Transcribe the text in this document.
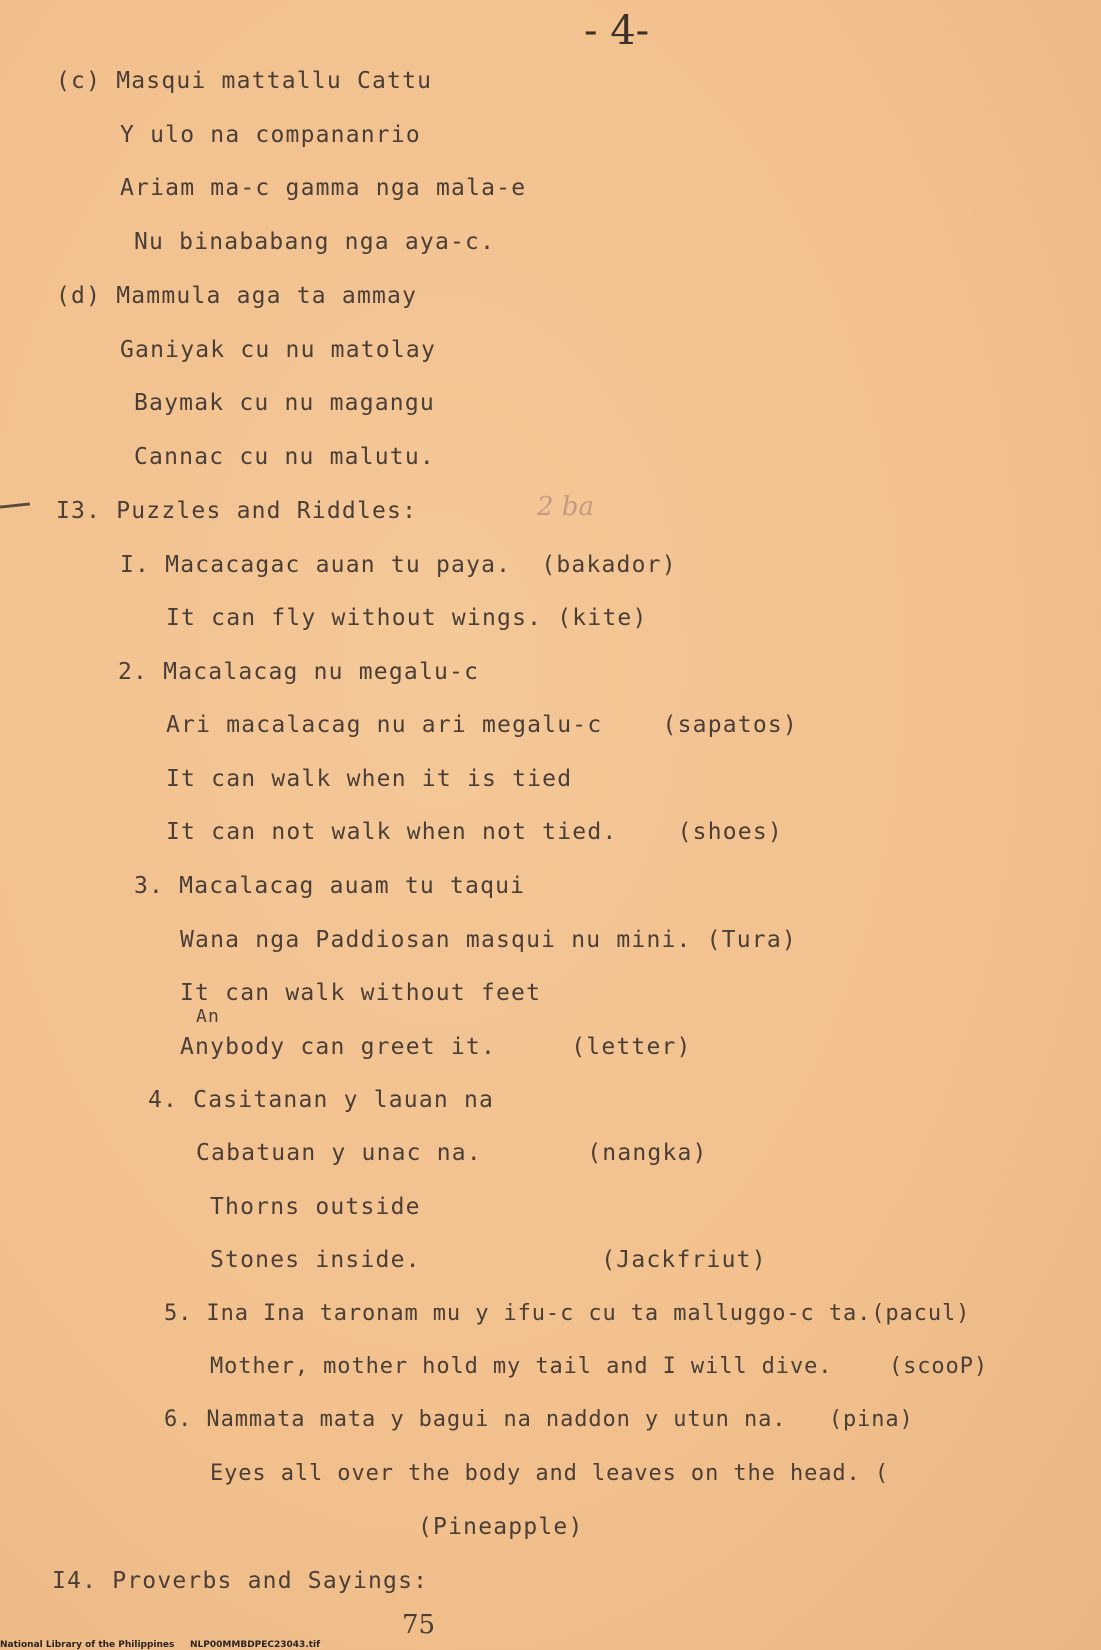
- 4-
2 ba
(c) Masqui mattallu Cattu
Y ulo na compananrio
Ariam ma-c gamma nga mala-e
Nu binababang nga aya-c.
(d) Mammula aga ta ammay
Ganiyak cu nu matolay
Baymak cu nu magangu
Cannac cu nu malutu.
I3. Puzzles and Riddles:
I. Macacagac auan tu paya.  (bakador)
It can fly without wings. (kite)
2. Macalacag nu megalu-c
Ari macalacag nu ari megalu-c    (sapatos)
It can walk when it is tied
It can not walk when not tied.    (shoes)
3. Macalacag auam tu taqui
Wana nga Paddiosan masqui nu mini. (Tura)
It can walk without feet
An
Anybody can greet it.     (letter)
4. Casitanan y lauan na
Cabatuan y unac na.       (nangka)
Thorns outside
Stones inside.            (Jackfriut)
5. Ina Ina taronam mu y ifu-c cu ta malluggo-c ta.(pacul)
Mother, mother hold my tail and I will dive.    (scooP)
6. Nammata mata y bagui na naddon y utun na.   (pina)
Eyes all over the body and leaves on the head. (
(Pineapple)
I4. Proverbs and Sayings:
75
National Library of the Philippines     NLP00MMBDPEC23043.tif
